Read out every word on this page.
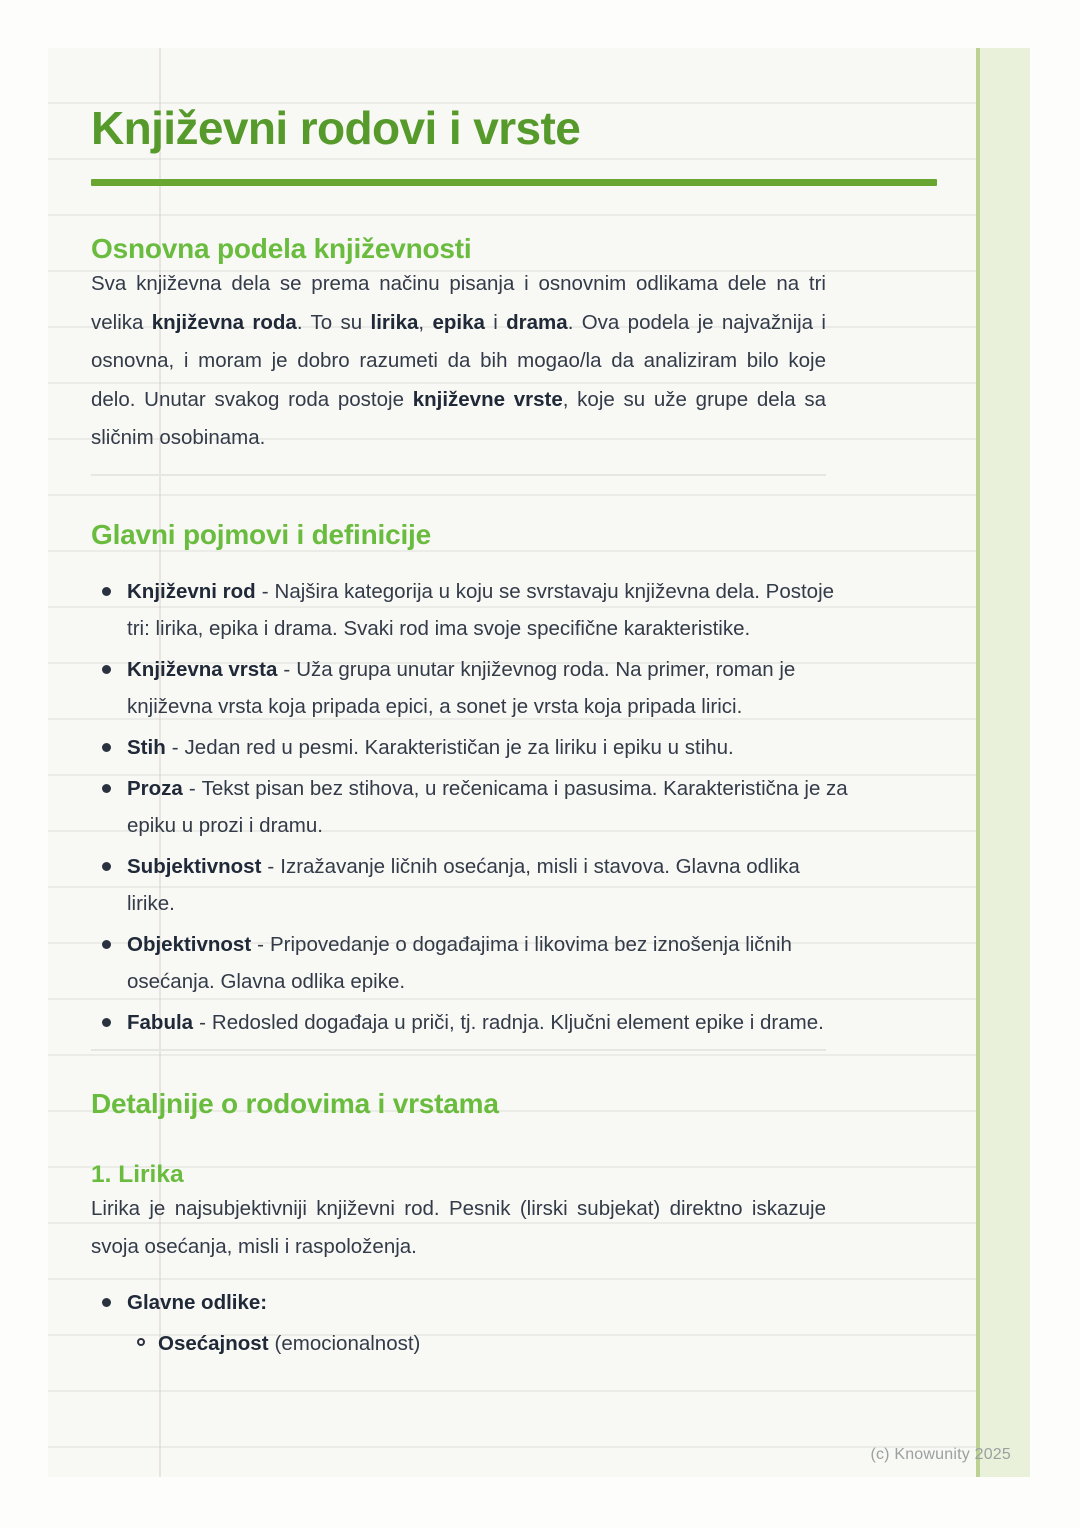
Književni rodovi i vrste
Osnovna podela književnosti

Sva književna dela se prema načinu pisanja i osnovnim odlikama dele na tri velika književna roda. To su lirika, epika i drama. Ova podela je najvažnija i osnovna, i moram je dobro razumeti da bih mogao/la da analiziram bilo koje delo. Unutar svakog roda postoje književne vrste, koje su uže grupe dela sa sličnim osobinama.

Glavni pojmovi i definicije
Književni rod - Najšira kategorija u koju se svrstavaju književna dela. Postoje tri: lirika, epika i drama. Svaki rod ima svoje specifične karakteristike.
Književna vrsta - Uža grupa unutar književnog roda. Na primer, roman je književna vrsta koja pripada epici, a sonet je vrsta koja pripada lirici.
Stih - Jedan red u pesmi. Karakterističan je za liriku i epiku u stihu.
Proza - Tekst pisan bez stihova, u rečenicama i pasusima. Karakteristična je za epiku u prozi i dramu.
Subjektivnost - Izražavanje ličnih osećanja, misli i stavova. Glavna odlika lirike.
Objektivnost - Pripovedanje o događajima i likovima bez iznošenja ličnih osećanja. Glavna odlika epike.
Fabula - Redosled događaja u priči, tj. radnja. Ključni element epike i drame.
Detaljnije o rodovima i vrstama
1. Lirika

Lirika je najsubjektivniji književni rod. Pesnik (lirski subjekat) direktno iskazuje svoja osećanja, misli i raspoloženja.

Glavne odlike:
Osećajnost (emocionalnost)
(c) Knowunity 2025
